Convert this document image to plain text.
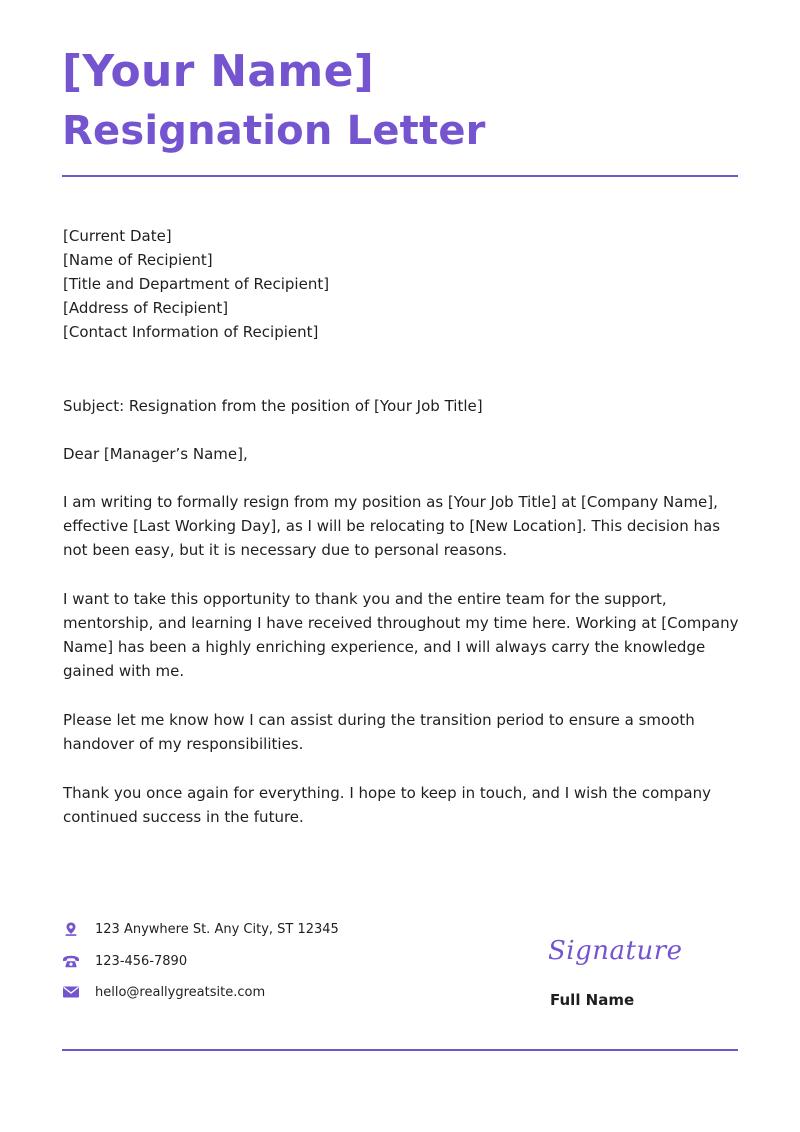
[Your Name]
Resignation Letter
[Current Date]
[Name of Recipient]
[Title and Department of Recipient]
[Address of Recipient]
[Contact Information of Recipient]
Subject: Resignation from the position of [Your Job Title]
Dear [Manager’s Name],
I am writing to formally resign from my position as [Your Job Title] at [Company Name], effective [Last Working Day], as I will be relocating to [New Location]. This decision has not been easy, but it is necessary due to personal reasons.
I want to take this opportunity to thank you and the entire team for the support, mentorship, and learning I have received throughout my time here. Working at [Company Name] has been a highly enriching experience, and I will always carry the knowledge gained with me.
Please let me know how I can assist during the transition period to ensure a smooth handover of my responsibilities.
Thank you once again for everything. I hope to keep in touch, and I wish the company continued success in the future.
123 Anywhere St. Any City, ST 12345
123-456-7890
hello@reallygreatsite.com
Signature
Full Name
